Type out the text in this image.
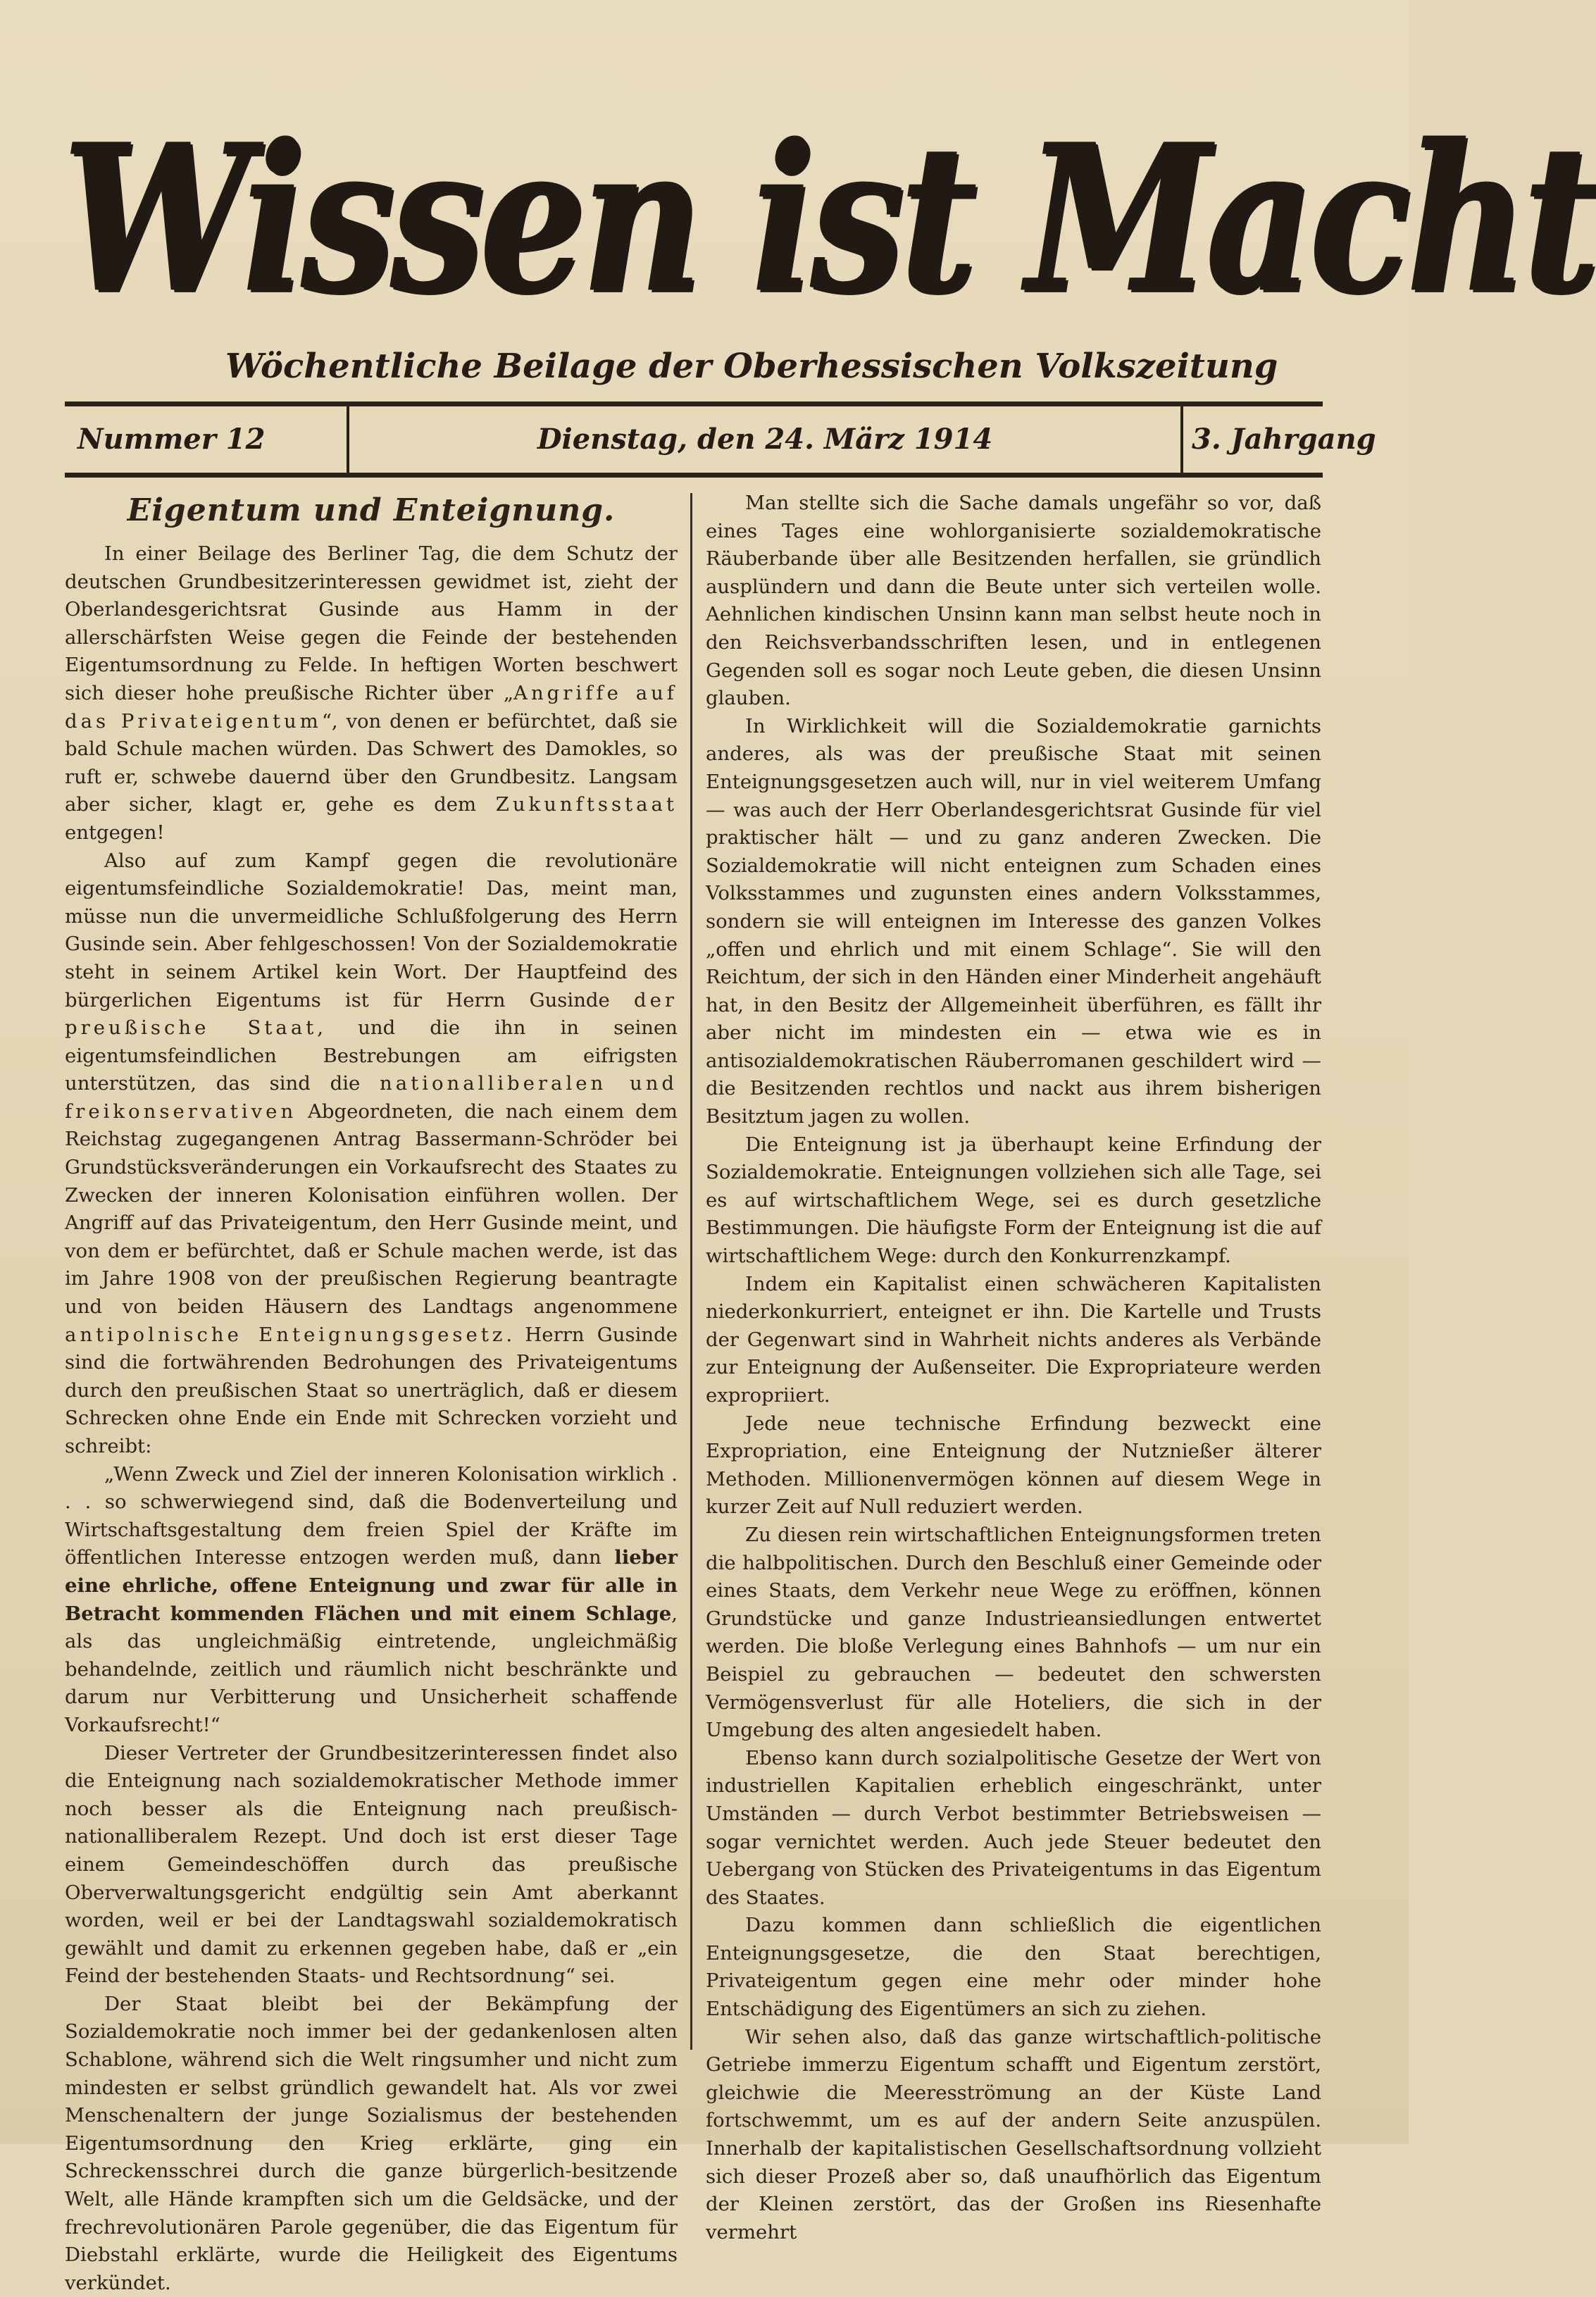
Wissen ist Macht
Wöchentliche Beilage der Oberhessischen Volkszeitung
Nummer 12	Dienstag, den 24. März 1914	3. Jahrgang

Eigentum und Enteignung.

In einer Beilage des Berliner Tag, die dem Schutz der deutschen Grundbesitzerinteressen gewidmet ist, zieht der Oberlandesgerichtsrat Gusinde aus Hamm in der allerschärfsten Weise gegen die Feinde der bestehenden Eigentumsordnung zu Felde. In heftigen Worten beschwert sich dieser hohe preußische Richter über „Angriffe auf das Privateigentum“, von denen er befürchtet, daß sie bald Schule machen würden. Das Schwert des Damokles, so ruft er, schwebe dauernd über den Grundbesitz. Langsam aber sicher, klagt er, gehe es dem Zukunftsstaat entgegen!

Also auf zum Kampf gegen die revolutionäre eigentumsfeindliche Sozialdemokratie! Das, meint man, müsse nun die unvermeidliche Schlußfolgerung des Herrn Gusinde sein. Aber fehlgeschossen! Von der Sozialdemokratie steht in seinem Artikel kein Wort. Der Hauptfeind des bürgerlichen Eigentums ist für Herrn Gusinde der preußische Staat, und die ihn in seinen eigentumsfeindlichen Bestrebungen am eifrigsten unterstützen, das sind die nationalliberalen und freikonservativen Abgeordneten, die nach einem dem Reichstag zugegangenen Antrag Bassermann-Schröder bei Grundstücksveränderungen ein Vorkaufsrecht des Staates zu Zwecken der inneren Kolonisation einführen wollen. Der Angriff auf das Privateigentum, den Herr Gusinde meint, und von dem er befürchtet, daß er Schule machen werde, ist das im Jahre 1908 von der preußischen Regierung beantragte und von beiden Häusern des Landtags angenommene antipolnische Enteignungsgesetz. Herrn Gusinde sind die fortwährenden Bedrohungen des Privateigentums durch den preußischen Staat so unerträglich, daß er diesem Schrecken ohne Ende ein Ende mit Schrecken vorzieht und schreibt:

„Wenn Zweck und Ziel der inneren Kolonisation wirklich . . . so schwerwiegend sind, daß die Bodenverteilung und Wirtschaftsgestaltung dem freien Spiel der Kräfte im öffentlichen Interesse entzogen werden muß, dann lieber eine ehrliche, offene Enteignung und zwar für alle in Betracht kommenden Flächen und mit einem Schlage, als das ungleichmäßig eintretende, ungleichmäßig behandelnde, zeitlich und räumlich nicht beschränkte und darum nur Verbitterung und Unsicherheit schaffende Vorkaufsrecht!“

Dieser Vertreter der Grundbesitzerinteressen findet also die Enteignung nach sozialdemokratischer Methode immer noch besser als die Enteignung nach preußisch-nationalliberalem Rezept. Und doch ist erst dieser Tage einem Gemeindeschöffen durch das preußische Oberverwaltungsgericht endgültig sein Amt aberkannt worden, weil er bei der Landtagswahl sozialdemokratisch gewählt und damit zu erkennen gegeben habe, daß er „ein Feind der bestehenden Staats- und Rechtsordnung“ sei.

Der Staat bleibt bei der Bekämpfung der Sozialdemokratie noch immer bei der gedankenlosen alten Schablone, während sich die Welt ringsumher und nicht zum mindesten er selbst gründlich gewandelt hat. Als vor zwei Menschenaltern der junge Sozialismus der bestehenden Eigentumsordnung den Krieg erklärte, ging ein Schreckensschrei durch die ganze bürgerlich-besitzende Welt, alle Hände krampften sich um die Geldsäcke, und der frechrevolutionären Parole gegenüber, die das Eigentum für Diebstahl erklärte, wurde die Heiligkeit des Eigentums verkündet.

Man stellte sich die Sache damals ungefähr so vor, daß eines Tages eine wohlorganisierte sozialdemokratische Räuberbande über alle Besitzenden herfallen, sie gründlich ausplündern und dann die Beute unter sich verteilen wolle. Aehnlichen kindischen Unsinn kann man selbst heute noch in den Reichsverbandsschriften lesen, und in entlegenen Gegenden soll es sogar noch Leute geben, die diesen Unsinn glauben.

In Wirklichkeit will die Sozialdemokratie garnichts anderes, als was der preußische Staat mit seinen Enteignungsgesetzen auch will, nur in viel weiterem Umfang — was auch der Herr Oberlandesgerichtsrat Gusinde für viel praktischer hält — und zu ganz anderen Zwecken. Die Sozialdemokratie will nicht enteignen zum Schaden eines Volksstammes und zugunsten eines andern Volksstammes, sondern sie will enteignen im Interesse des ganzen Volkes „offen und ehrlich und mit einem Schlage“. Sie will den Reichtum, der sich in den Händen einer Minderheit angehäuft hat, in den Besitz der Allgemeinheit überführen, es fällt ihr aber nicht im mindesten ein — etwa wie es in antisozialdemokratischen Räuberromanen geschildert wird — die Besitzenden rechtlos und nackt aus ihrem bisherigen Besitztum jagen zu wollen.

Die Enteignung ist ja überhaupt keine Erfindung der Sozialdemokratie. Enteignungen vollziehen sich alle Tage, sei es auf wirtschaftlichem Wege, sei es durch gesetzliche Bestimmungen. Die häufigste Form der Enteignung ist die auf wirtschaftlichem Wege: durch den Konkurrenzkampf.

Indem ein Kapitalist einen schwächeren Kapitalisten niederkonkurriert, enteignet er ihn. Die Kartelle und Trusts der Gegenwart sind in Wahrheit nichts anderes als Verbände zur Enteignung der Außenseiter. Die Expropriateure werden expropriiert.

Jede neue technische Erfindung bezweckt eine Expropriation, eine Enteignung der Nutznießer älterer Methoden. Millionenvermögen können auf diesem Wege in kurzer Zeit auf Null reduziert werden.

Zu diesen rein wirtschaftlichen Enteignungsformen treten die halbpolitischen. Durch den Beschluß einer Gemeinde oder eines Staats, dem Verkehr neue Wege zu eröffnen, können Grundstücke und ganze Industrieansiedlungen entwertet werden. Die bloße Verlegung eines Bahnhofs — um nur ein Beispiel zu gebrauchen — bedeutet den schwersten Vermögensverlust für alle Hoteliers, die sich in der Umgebung des alten angesiedelt haben.

Ebenso kann durch sozialpolitische Gesetze der Wert von industriellen Kapitalien erheblich eingeschränkt, unter Umständen — durch Verbot bestimmter Betriebsweisen — sogar vernichtet werden. Auch jede Steuer bedeutet den Uebergang von Stücken des Privateigentums in das Eigentum des Staates.

Dazu kommen dann schließlich die eigentlichen Enteignungsgesetze, die den Staat berechtigen, Privateigentum gegen eine mehr oder minder hohe Entschädigung des Eigentümers an sich zu ziehen.

Wir sehen also, daß das ganze wirtschaftlich-politische Getriebe immerzu Eigentum schafft und Eigentum zerstört, gleichwie die Meeresströmung an der Küste Land fortschwemmt, um es auf der andern Seite anzuspülen. Innerhalb der kapitalistischen Gesellschaftsordnung vollzieht sich dieser Prozeß aber so, daß unaufhörlich das Eigentum der Kleinen zerstört, das der Großen ins Riesenhafte vermehrt
